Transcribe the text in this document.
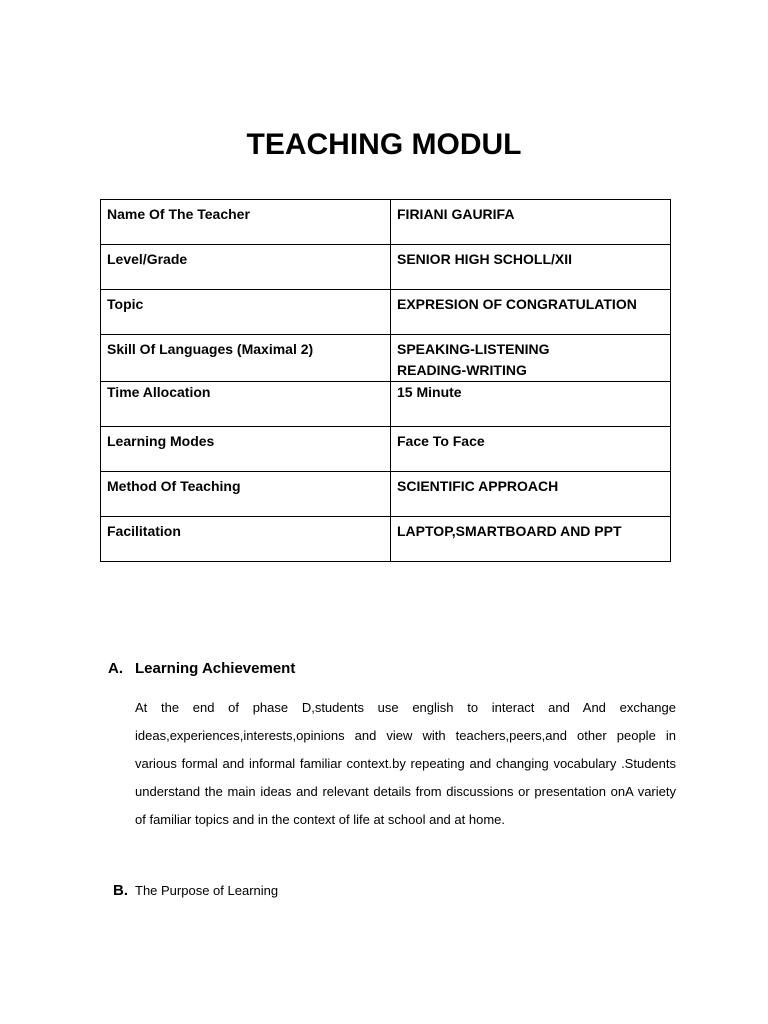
TEACHING MODUL
Name Of The Teacher	FIRIANI GAURIFA
Level/Grade	SENIOR HIGH SCHOLL/XII
Topic	EXPRESION OF CONGRATULATION
Skill Of Languages (Maximal 2)	SPEAKING-LISTENING
READING-WRITING

Time Allocation	15 Minute
Learning Modes	Face To Face
Method Of Teaching	SCIENTIFIC APPROACH
Facilitation	LAPTOP,SMARTBOARD AND PPT
A. Learning Achievement

At the end of phase D,students use english to interact and And exchange ideas,experiences,interests,opinions and view with teachers,peers,and other people in various formal and informal familiar context.by repeating and changing vocabulary .Students understand the main ideas and relevant details from discussions or presentation onA variety of familiar topics and in the context of life at school and at home.

B. The Purpose of Learning
